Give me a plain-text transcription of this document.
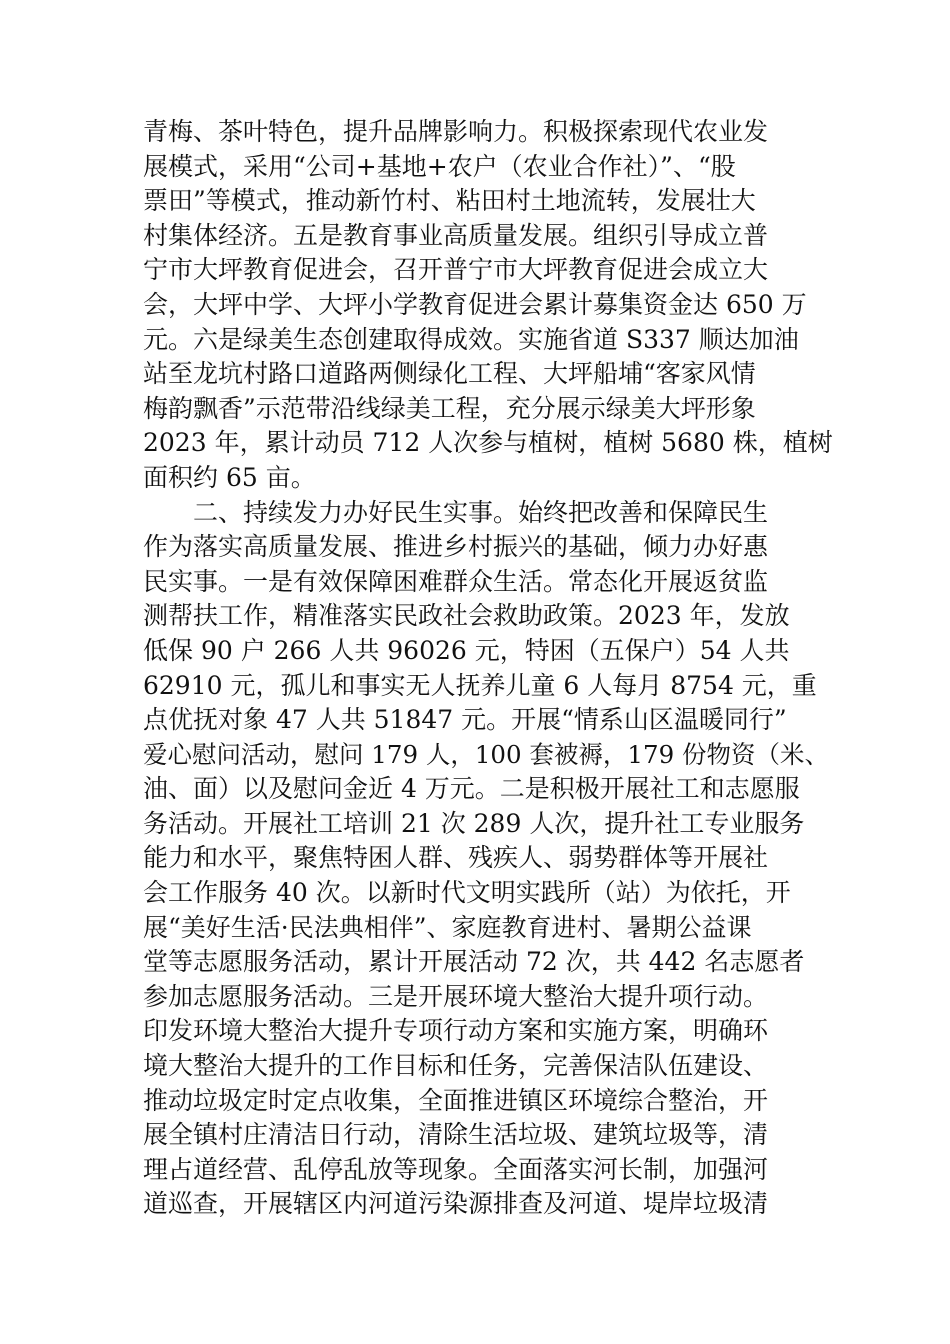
青梅、茶叶特色，提升品牌影响力。积极探索现代农业发
展模式，采用“公司+基地+农户（农业合作社）”、“股
票田”等模式，推动新竹村、粘田村土地流转，发展壮大
村集体经济。五是教育事业高质量发展。组织引导成立普
宁市大坪教育促进会，召开普宁市大坪教育促进会成立大
会，大坪中学、大坪小学教育促进会累计募集资金达 650 万
元。六是绿美生态创建取得成效。实施省道 S337 顺达加油
站至龙坑村路口道路两侧绿化工程、大坪船埔“客家风情
梅韵飘香”示范带沿线绿美工程，充分展示绿美大坪形象
2023 年，累计动员 712 人次参与植树，植树 5680 株，植树
面积约 65 亩。
　　二、持续发力办好民生实事。始终把改善和保障民生
作为落实高质量发展、推进乡村振兴的基础，倾力办好惠
民实事。一是有效保障困难群众生活。常态化开展返贫监
测帮扶工作，精准落实民政社会救助政策。2023 年，发放
低保 90 户 266 人共 96026 元，特困（五保户）54 人共
62910 元，孤儿和事实无人抚养儿童 6 人每月 8754 元，重
点优抚对象 47 人共 51847 元。开展“情系山区温暖同行”
爱心慰问活动，慰问 179 人，100 套被褥，179 份物资（米、
油、面）以及慰问金近 4 万元。二是积极开展社工和志愿服
务活动。开展社工培训 21 次 289 人次，提升社工专业服务
能力和水平，聚焦特困人群、残疾人、弱势群体等开展社
会工作服务 40 次。以新时代文明实践所（站）为依托，开
展“美好生活·民法典相伴”、家庭教育进村、暑期公益课
堂等志愿服务活动，累计开展活动 72 次，共 442 名志愿者
参加志愿服务活动。三是开展环境大整治大提升项行动。
印发环境大整治大提升专项行动方案和实施方案，明确环
境大整治大提升的工作目标和任务，完善保洁队伍建设、
推动垃圾定时定点收集，全面推进镇区环境综合整治，开
展全镇村庄清洁日行动，清除生活垃圾、建筑垃圾等，清
理占道经营、乱停乱放等现象。全面落实河长制，加强河
道巡查，开展辖区内河道污染源排查及河道、堤岸垃圾清
